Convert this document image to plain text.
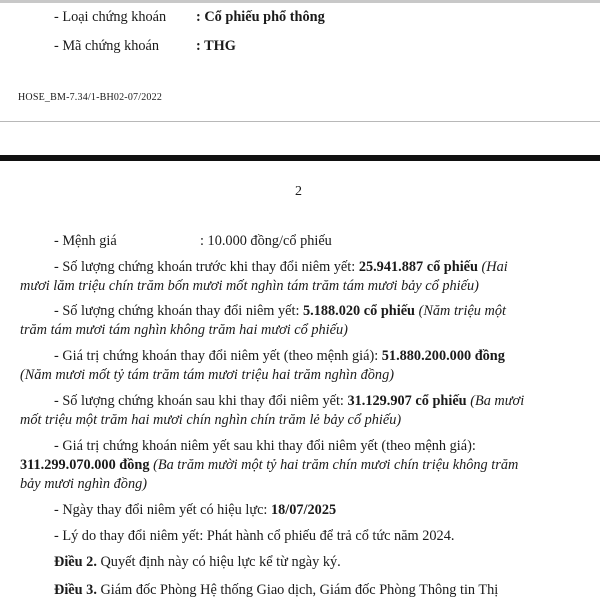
- Loại chứng khoán : Cổ phiếu phổ thông
- Mã chứng khoán	: THG
HOSE_BM-7.34/1-BH02-07/2022
2
- Mệnh giá	: 10.000 đồng/cổ phiếu
- Số lượng chứng khoán trước khi thay đổi niêm yết: 25.941.887 cổ phiếu (Hai
mươi lăm triệu chín trăm bốn mươi mốt nghìn tám trăm tám mươi bảy cổ phiếu)
- Số lượng chứng khoán thay đổi niêm yết: 5.188.020 cổ phiếu (Năm triệu một
trăm tám mươi tám nghìn không trăm hai mươi cổ phiếu)
- Giá trị chứng khoán thay đổi niêm yết (theo mệnh giá): 51.880.200.000 đồng
(Năm mươi mốt tỷ tám trăm tám mươi triệu hai trăm nghìn đồng)
- Số lượng chứng khoán sau khi thay đổi niêm yết: 31.129.907 cổ phiếu (Ba mươi
mốt triệu một trăm hai mươi chín nghìn chín trăm lẻ bảy cổ phiếu)
- Giá trị chứng khoán niêm yết sau khi thay đổi niêm yết (theo mệnh giá):
311.299.070.000 đồng (Ba trăm mười một tỷ hai trăm chín mươi chín triệu không trăm
bảy mươi nghìn đồng)
- Ngày thay đổi niêm yết có hiệu lực: 18/07/2025
- Lý do thay đổi niêm yết: Phát hành cổ phiếu để trả cổ tức năm 2024.
Điều 2. Quyết định này có hiệu lực kể từ ngày ký.
Điều 3. Giám đốc Phòng Hệ thống Giao dịch, Giám đốc Phòng Thông tin Thị
